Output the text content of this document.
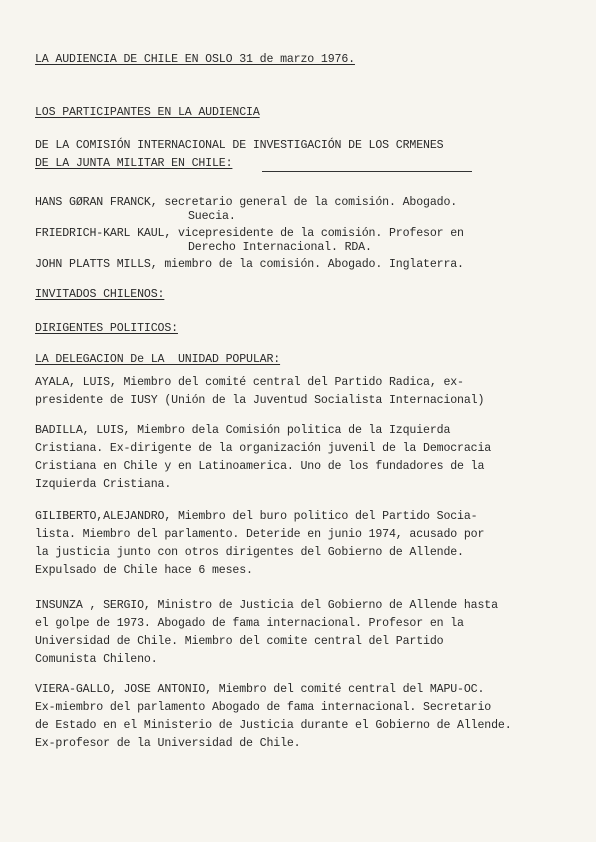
LA AUDIENCIA DE CHILE EN OSLO 31 de marzo 1976.
LOS PARTICIPANTES EN LA AUDIENCIA
DE LA COMISIÓN INTERNACIONAL DE INVESTIGACIÓN DE LOS CRMENES
DE LA JUNTA MILITAR EN CHILE:
HANS GØRAN FRANCK, secretario general de la comisión. Abogado.
Suecia.
FRIEDRICH-KARL KAUL, vicepresidente de la comisión. Profesor en
Derecho Internacional. RDA.
JOHN PLATTS MILLS, miembro de la comisión. Abogado. Inglaterra.
INVITADOS CHILENOS:
DIRIGENTES POLITICOS:
LA DELEGACION De LA  UNIDAD POPULAR:
AYALA, LUIS, Miembro del comité central del Partido Radica, ex-
presidente de IUSY (Unión de la Juventud Socialista Internacional)
BADILLA, LUIS, Miembro dela Comisión politica de la Izquierda
Cristiana. Ex-dirigente de la organización juvenil de la Democracia
Cristiana en Chile y en Latinoamerica. Uno de los fundadores de la
Izquierda Cristiana.
GILIBERTO,ALEJANDRO, Miembro del buro politico del Partido Socia-
lista. Miembro del parlamento. Deteride en junio 1974, acusado por
la justicia junto con otros dirigentes del Gobierno de Allende.
Expulsado de Chile hace 6 meses.
INSUNZA , SERGIO, Ministro de Justicia del Gobierno de Allende hasta
el golpe de 1973. Abogado de fama internacional. Profesor en la
Universidad de Chile. Miembro del comite central del Partido
Comunista Chileno.
VIERA-GALLO, JOSE ANTONIO, Miembro del comité central del MAPU-OC.
Ex-miembro del parlamento Abogado de fama internacional. Secretario
de Estado en el Ministerio de Justicia durante el Gobierno de Allende.
Ex-profesor de la Universidad de Chile.
